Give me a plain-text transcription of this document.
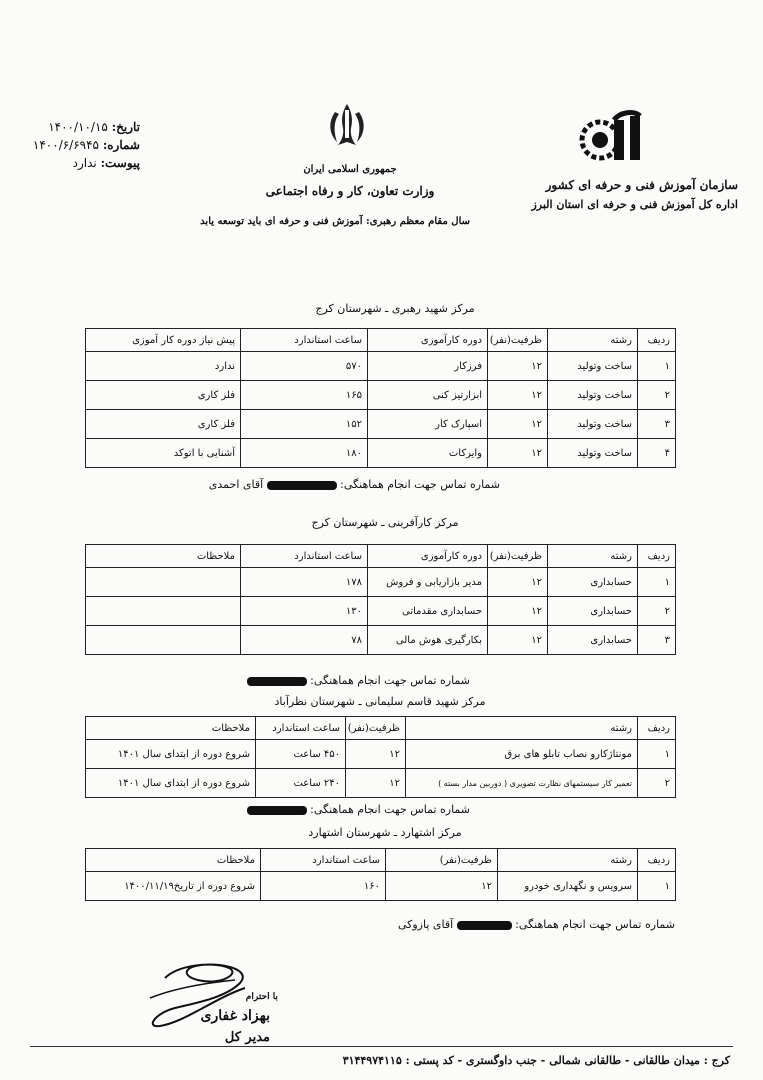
تاریخ: ۱۴۰۰/۱۰/۱۵
شماره: ۱۴۰۰/۶/۶۹۴۵
پیوست: ندارد	جمهوری اسلامی ایران
وزارت تعاون، کار و رفاه اجتماعی
سال مقام معظم رهبری: آموزش فنی و حرفه ای باید توسعه یابد
سازمان آموزش فنی و حرفه ای کشور
اداره کل آموزش فنی و حرفه ای استان البرز
مرکز شهید رهبری ـ شهرستان کرج
ردیف	رشته	ظرفیت(نفر)	دوره کارآموزی	ساعت استاندارد	پیش نیاز دوره کار آموزی
۱	ساخت وتولید	۱۲	فرزکار	۵۷۰	ندارد
۲	ساخت وتولید	۱۲	ابزارتیز کنی	۱۶۵	فلز کاری
۳	ساخت وتولید	۱۲	اسپارک کار	۱۵۲	فلز کاری
۴	ساخت وتولید	۱۲	وایرکات	۱۸۰	آشنایی با اتوکد
شماره تماس جهت انجام هماهنگی:  آقای احمدی
مرکز کارآفرینی ـ شهرستان کرج
ردیف	رشته	ظرفیت(نفر)	دوره کارآموزی	ساعت استاندارد	ملاحظات
۱	حسابداری	۱۲	مدیر بازاریابی و فروش	۱۷۸	
۲	حسابداری	۱۲	حسابداری مقدماتی	۱۳۰	
۳	حسابداری	۱۲	بکارگیری هوش مالی	۷۸	
شماره تماس جهت انجام هماهنگی:
مرکز شهید قاسم سلیمانی ـ شهرستان نظرآباد
ردیف	رشته	ظرفیت(نفر)	ساعت استاندارد	ملاحظات
۱	مونتاژکارو نصاب تابلو های برق	۱۲	۴۵۰ ساعت	شروع دوره از ابتدای سال ۱۴۰۱
۲	تعمیر کار سیستمهای نظارت تصویری ( دوربین مدار بسته )	۱۲	۲۴۰ ساعت	شروع دوره از ابتدای سال ۱۴۰۱
شماره تماس جهت انجام هماهنگی:
مرکز اشتهارد ـ شهرستان اشتهارد
ردیف	رشته	ظرفیت(نفر)	ساعت استاندارد	ملاحظات
۱	سرویس و نگهداری خودرو	۱۲	۱۶۰	شروع دوره از تاریخ۱۴۰۰/۱۱/۱۹
شماره تماس جهت انجام هماهنگی:  آقای پازوکی
با احترام
بهزاد غفاری
مدیر کل
کرج : میدان طالقانی - طالقانی شمالی - جنب داوگستری - کد پستی : ۳۱۴۴۹۷۴۱۱۵
